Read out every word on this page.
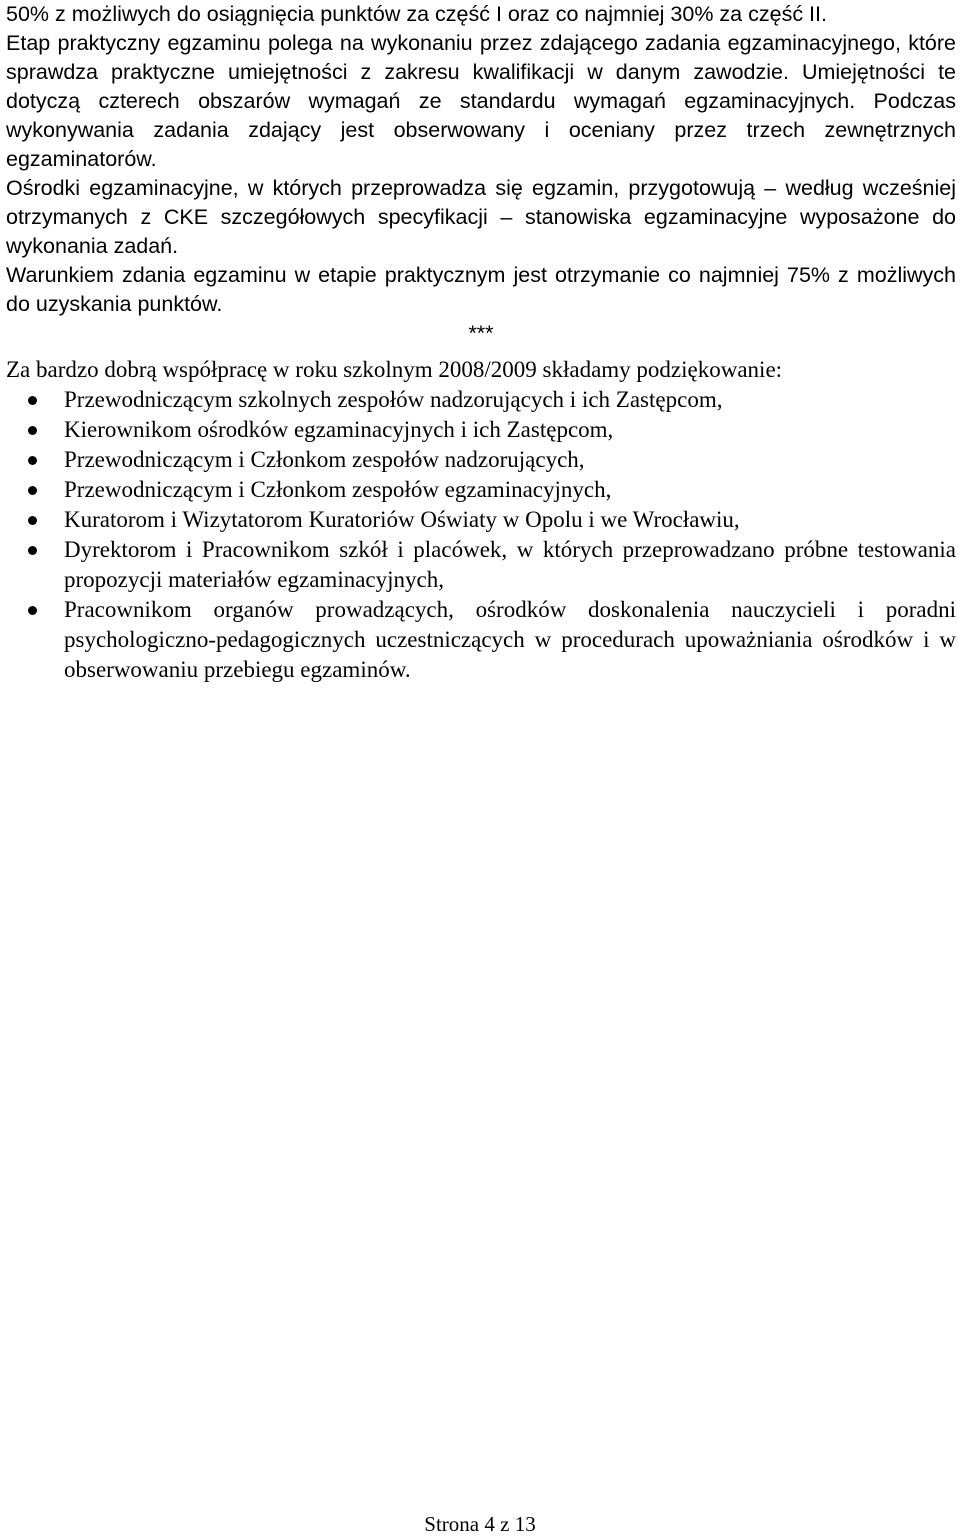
50% z możliwych do osiągnięcia punktów za część I oraz co najmniej 30% za część II.

Etap praktyczny egzaminu polega na wykonaniu przez zdającego zadania egzaminacyjnego, które sprawdza praktyczne umiejętności z zakresu kwalifikacji w danym zawodzie. Umiejętności te dotyczą czterech obszarów wymagań ze standardu wymagań egzaminacyjnych. Podczas wykonywania zadania zdający jest obserwowany i oceniany przez trzech zewnętrznych egzaminatorów.

Ośrodki egzaminacyjne, w których przeprowadza się egzamin, przygotowują – według wcześniej otrzymanych z CKE szczegółowych specyfikacji – stanowiska egzaminacyjne wyposażone do wykonania zadań.

Warunkiem zdania egzaminu w etapie praktycznym jest otrzymanie co najmniej 75% z możliwych do uzyskania punktów.

***

Za bardzo dobrą współpracę w roku szkolnym 2008/2009 składamy podziękowanie:

Przewodniczącym szkolnych zespołów nadzorujących i ich Zastępcom,
Kierownikom ośrodków egzaminacyjnych i ich Zastępcom,
Przewodniczącym i Członkom zespołów nadzorujących,
Przewodniczącym i Członkom zespołów egzaminacyjnych,
Kuratorom i Wizytatorom Kuratoriów Oświaty w Opolu i we Wrocławiu,
Dyrektorom i Pracownikom szkół i placówek, w których przeprowadzano próbne testowania propozycji materiałów egzaminacyjnych,
Pracownikom organów prowadzących, ośrodków doskonalenia nauczycieli i poradni psychologiczno-pedagogicznych uczestniczących w procedurach upoważniania ośrodków i w obserwowaniu przebiegu egzaminów.
Strona 4 z 13
